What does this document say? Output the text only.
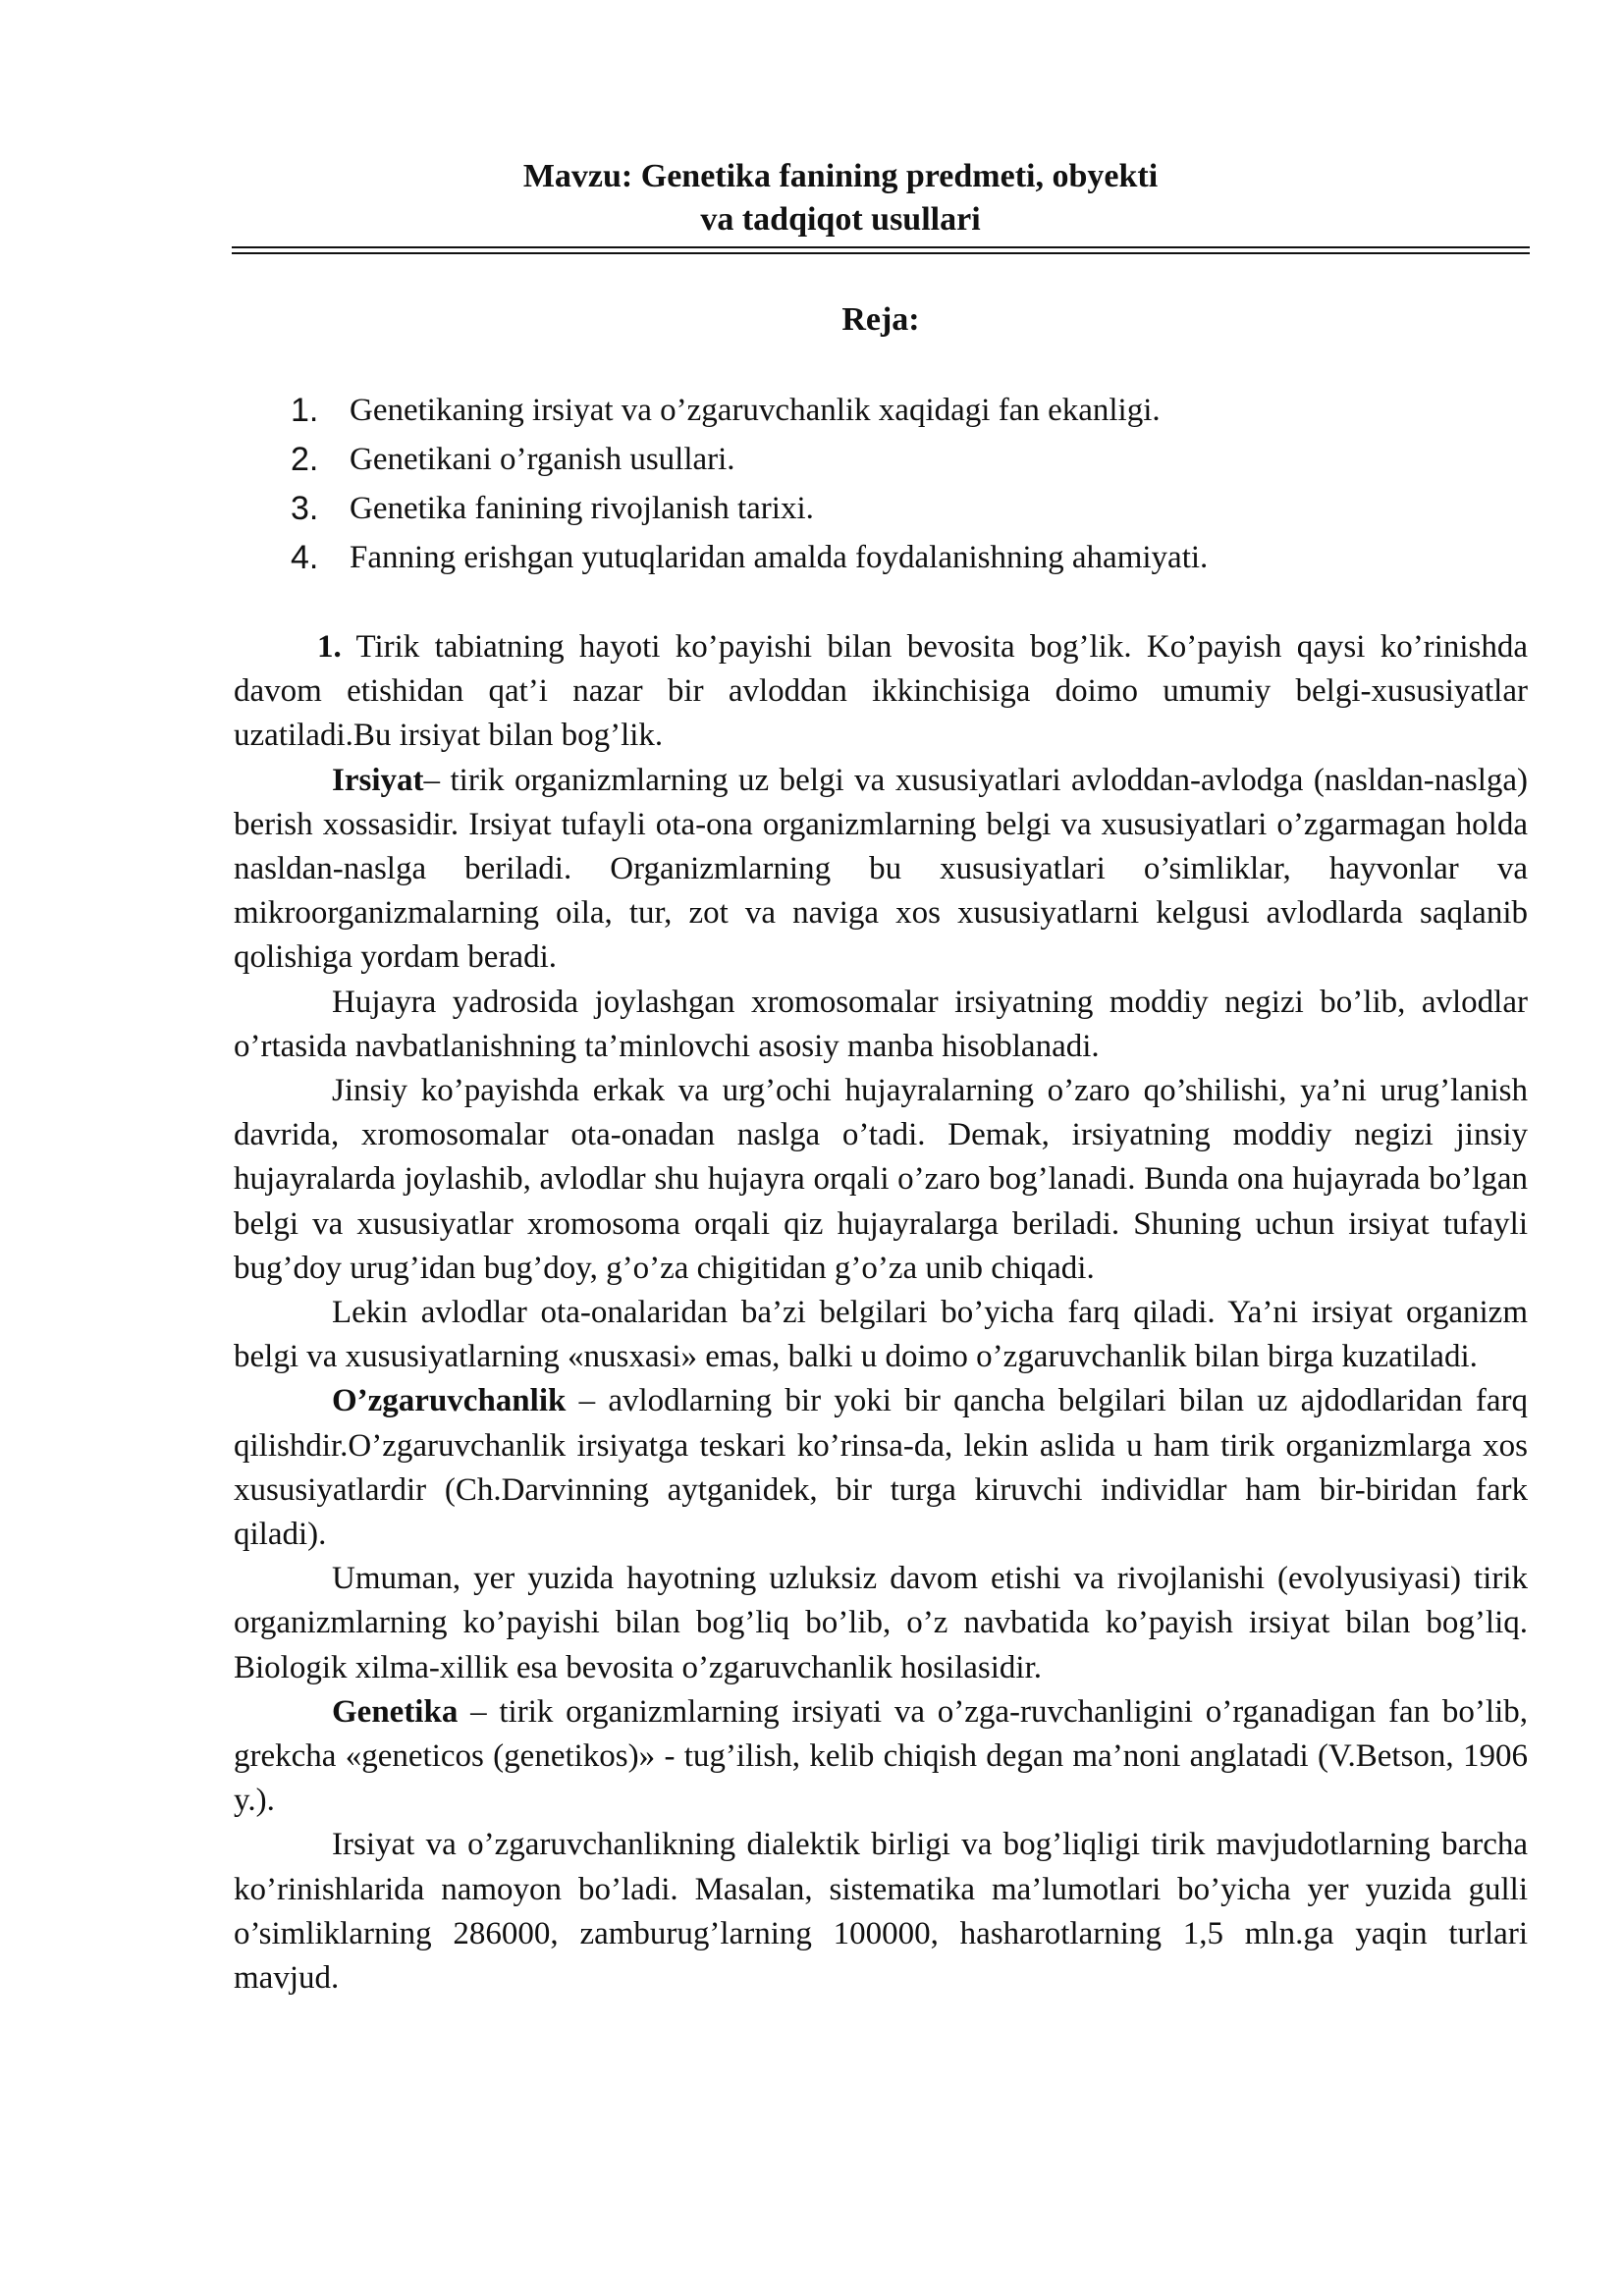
Mavzu: Genetika fanining predmeti, obyekti
va tadqiqot usullari
Reja:
1. Genetikaning irsiyat va o’zgaruvchanlik xaqidagi fan ekanligi.
2. Genetikani o’rganish usullari.
3. Genetika fanining rivojlanish tarixi.
4. Fanning erishgan yutuqlaridan amalda foydalanishning ahamiyati.

1. Tirik tabiatning hayoti ko’payishi bilan bevosita bog’lik. Ko’payish qaysi ko’rinishda davom etishidan qat’i nazar bir avloddan ikkinchisiga doimo umumiy belgi-xususiyatlar uzatiladi.Bu irsiyat bilan bog’lik.

Irsiyat– tirik organizmlarning uz belgi va xususiyatlari avloddan-avlodga (nasldan-naslga) berish xossasidir. Irsiyat tufayli ota-ona organizmlarning belgi va xususiyatlari o’zgarmagan holda nasldan-naslga beriladi. Organizmlarning bu xususiyatlari o’simliklar, hayvonlar va mikroorganizmalarning oila, tur, zot va naviga xos xususiyatlarni kelgusi avlodlarda saqlanib qolishiga yordam beradi.

Hujayra yadrosida joylashgan xromosomalar irsiyatning moddiy negizi bo’lib, avlodlar o’rtasida navbatlanishning ta’minlovchi asosiy manba hisoblanadi.

Jinsiy ko’payishda erkak va urg’ochi hujayralarning o’zaro qo’shilishi, ya’ni urug’lanish davrida, xromosomalar ota-onadan naslga o’tadi. Demak, irsiyatning moddiy negizi jinsiy hujayralarda joylashib, avlodlar shu hujayra orqali o’zaro bog’lanadi. Bunda ona hujayrada bo’lgan belgi va xususiyatlar xromosoma orqali qiz hujayralarga beriladi. Shuning uchun irsiyat tufayli bug’doy urug’idan bug’doy, g’o’za chigitidan g’o’za unib chiqadi.

Lekin avlodlar ota-onalaridan ba’zi belgilari bo’yicha farq qiladi. Ya’ni irsiyat organizm belgi va xususiyatlarning «nusxasi» emas, balki u doimo o’zgaruvchanlik bilan birga kuzatiladi.

O’zgaruvchanlik – avlodlarning bir yoki bir qancha belgilari bilan uz ajdodlaridan farq qilishdir.O’zgaruvchanlik irsiyatga teskari ko’rinsa-da, lekin aslida u ham tirik organizmlarga xos xususiyatlardir (Ch.Darvinning aytganidek, bir turga kiruvchi individlar ham bir-biridan fark qiladi).

Umuman, yer yuzida hayotning uzluksiz davom etishi va rivojlanishi (evolyusiyasi) tirik organizmlarning ko’payishi bilan bog’liq bo’lib, o’z navbatida ko’payish irsiyat bilan bog’liq. Biologik xilma-xillik esa bevosita o’zgaruvchanlik hosilasidir.

Genetika – tirik organizmlarning irsiyati va o’zga-ruvchanligini o’rganadigan fan bo’lib, grekcha «geneticos (genetikos)» - tug’ilish, kelib chiqish degan ma’noni anglatadi (V.Betson, 1906 y.).

Irsiyat va o’zgaruvchanlikning dialektik birligi va bog’liqligi tirik mavjudotlarning barcha ko’rinishlarida namoyon bo’ladi. Masalan, sistematika ma’lumotlari bo’yicha yer yuzida gulli o’simliklarning 286000, zamburug’larning 100000, hasharotlarning 1,5 mln.ga yaqin turlari mavjud.
